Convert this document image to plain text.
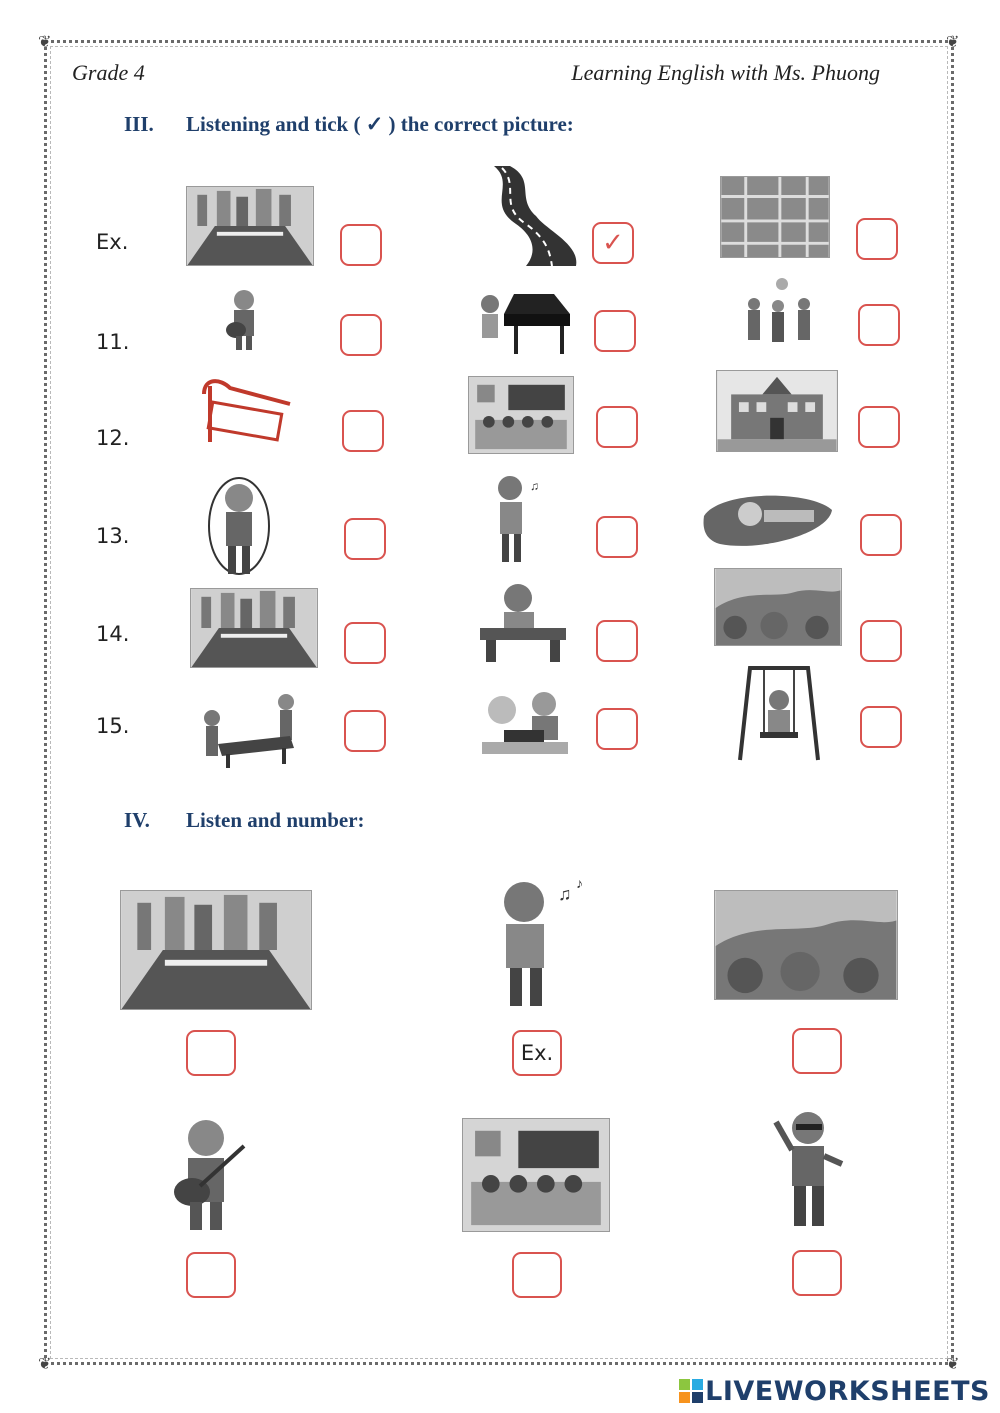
❦	❦
❦	❦
Grade 4	Learning English with Ms. Phuong
III. Listening and tick ( ✓ ) the correct picture:
Ex.
11.
12.
13.
14.
15.
✓
♫
IV. Listen and number:
♫ ♪
Ex.
LIVEWORKSHEETS
